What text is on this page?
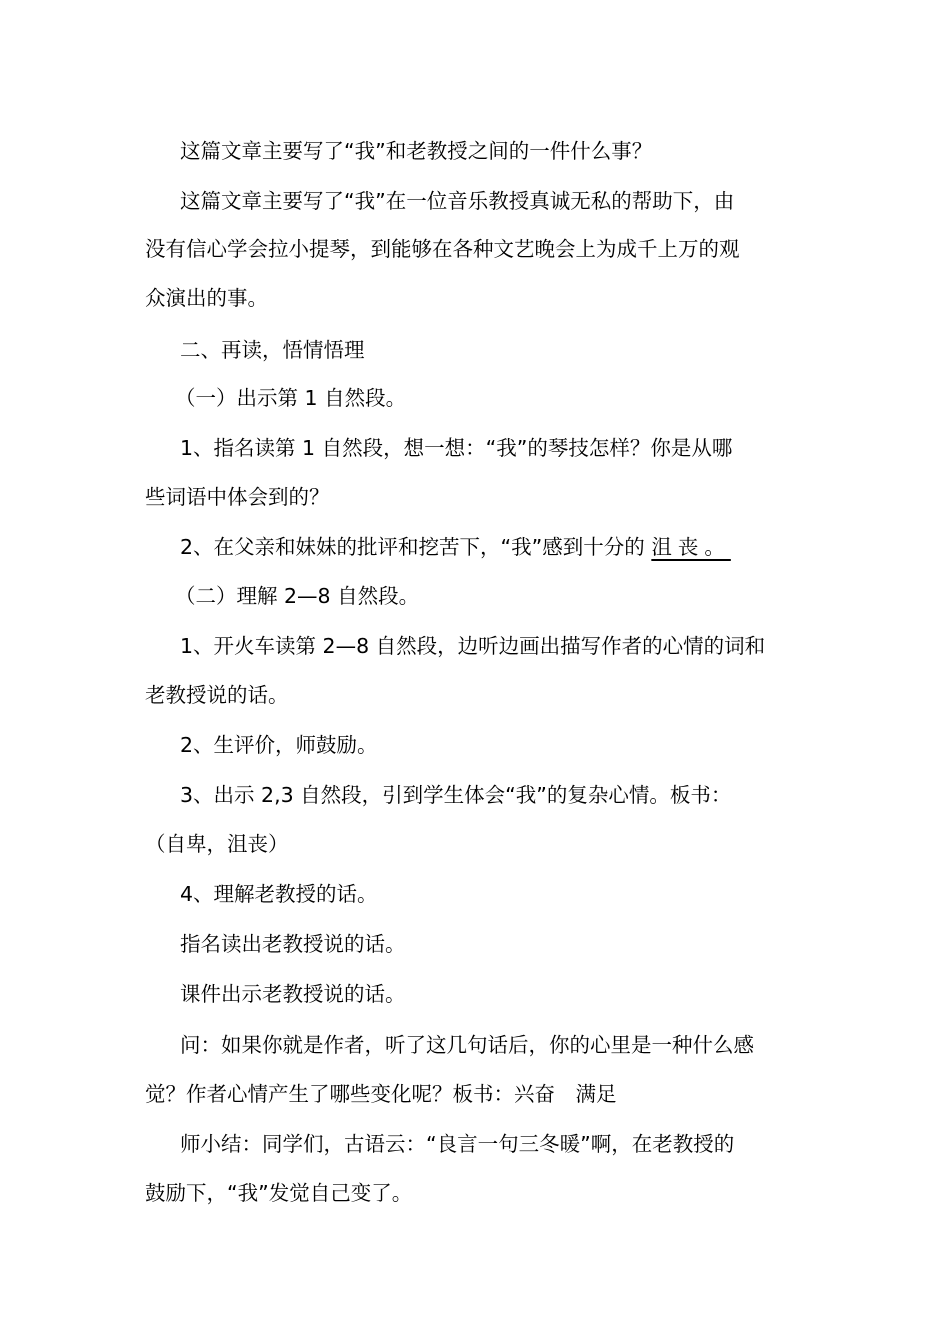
这篇文章主要写了“我”和老教授之间的一件什么事？
这篇文章主要写了“我”在一位音乐教授真诚无私的帮助下，由
没有信心学会拉小提琴，到能够在各种文艺晚会上为成千上万的观
众演出的事。
二、再读，悟情悟理
（一）出示第 1 自然段。
1、指名读第 1 自然段，想一想：“我”的琴技怎样？你是从哪
些词语中体会到的？
2、在父亲和妹妹的批评和挖苦下，“我”感到十分的 沮丧。
（二）理解 2—8 自然段。
1、开火车读第 2—8 自然段，边听边画出描写作者的心情的词和
老教授说的话。
2、生评价，师鼓励。
3、出示 2,3 自然段，引到学生体会“我”的复杂心情。板书：
（自卑，沮丧）
4、理解老教授的话。
指名读出老教授说的话。
课件出示老教授说的话。
问：如果你就是作者，听了这几句话后，你的心里是一种什么感
觉？作者心情产生了哪些变化呢？板书：兴奋　满足
师小结：同学们，古语云：“良言一句三冬暖”啊，在老教授的
鼓励下，“我”发觉自己变了。
